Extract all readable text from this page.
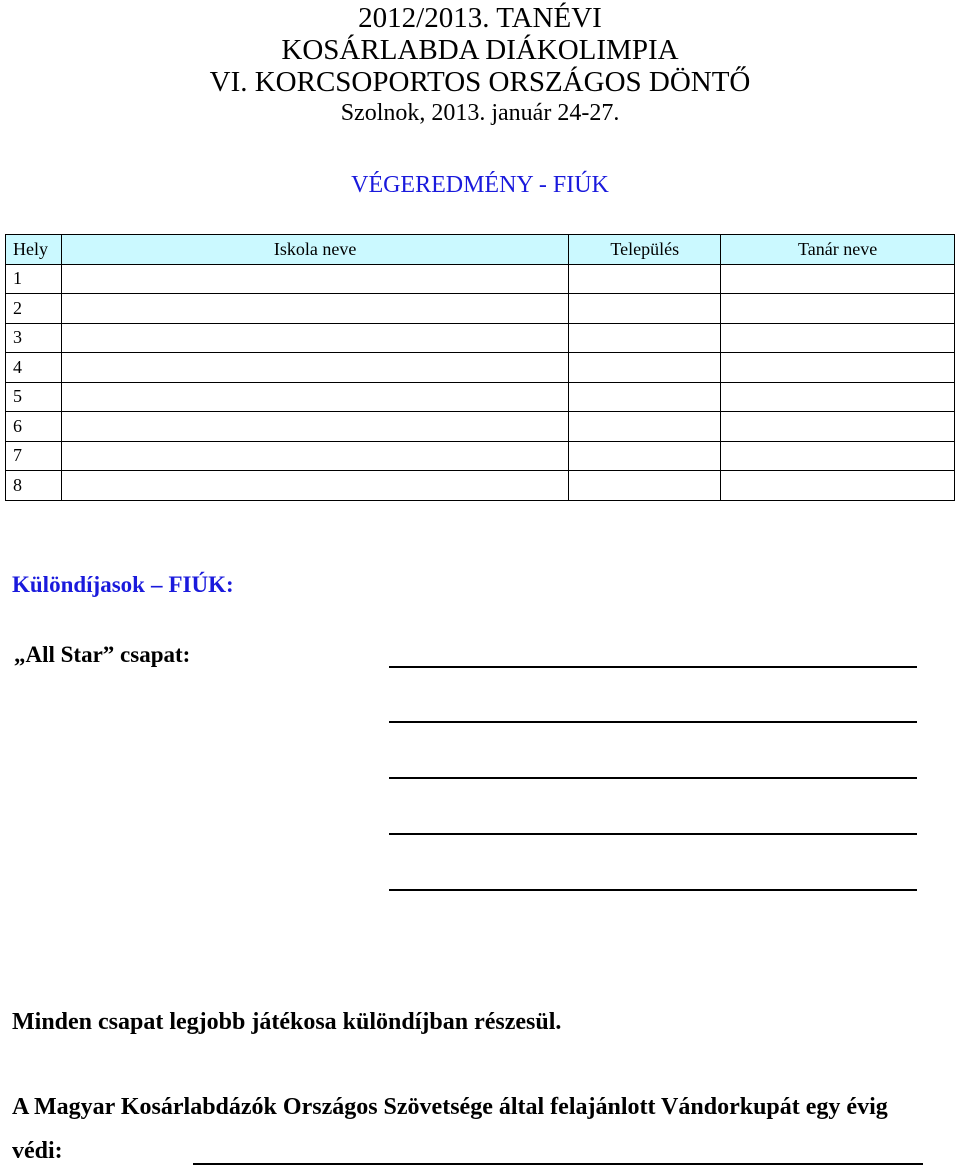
2012/2013. TANÉVI
KOSÁRLABDA DIÁKOLIMPIA
VI. KORCSOPORTOS ORSZÁGOS DÖNTŐ
Szolnok, 2013. január 24-27.
VÉGEREDMÉNY - FIÚK
Hely	Iskola neve	Település	Tanár neve
1			
2			
3			
4			
5			
6			
7			
8			
Különdíjasok – FIÚK:
„All Star” csapat:
Minden csapat legjobb játékosa különdíjban részesül.
A Magyar Kosárlabdázók Országos Szövetsége által felajánlott Vándorkupát egy évig
védi:
